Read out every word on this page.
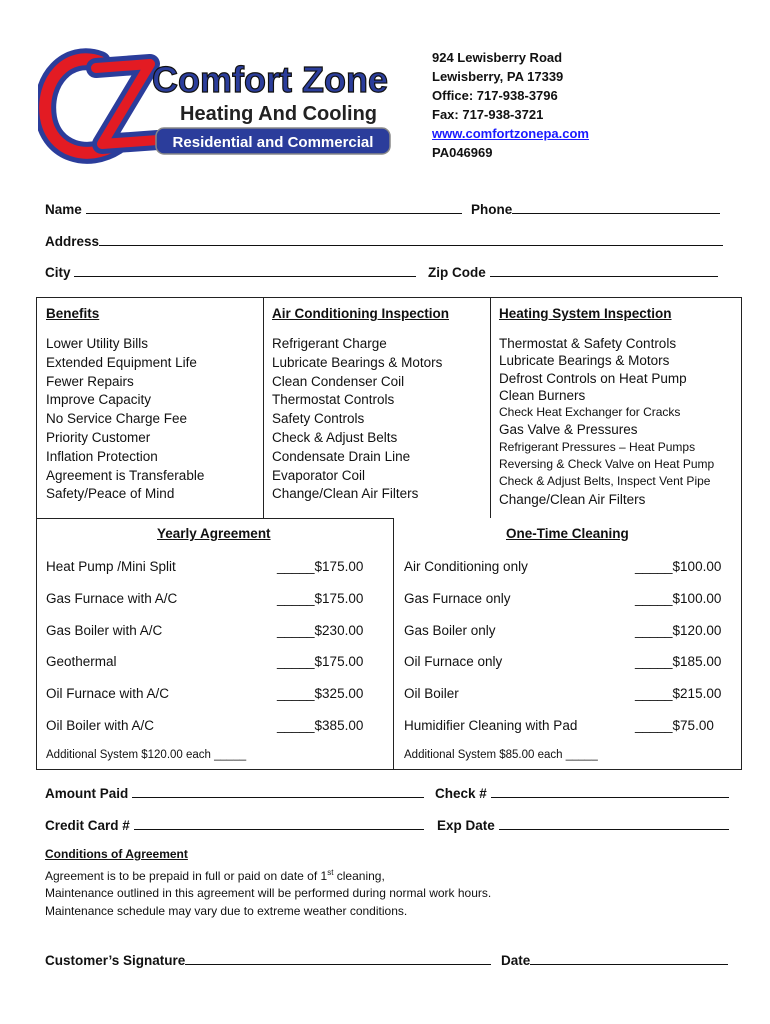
Comfort Zone
Heating And Cooling
Residential and Commercial
924 Lewisberry Road
Lewisberry, PA 17339
Office: 717-938-3796
Fax: 717-938-3721
www.comfortzonepa.com
PA046969
Name	Phone
Address
City	Zip Code
Benefits
Lower Utility Bills
Extended Equipment Life
Fewer Repairs
Improve Capacity
No Service Charge Fee
Priority Customer
Inflation Protection
Agreement is Transferable
Safety/Peace of Mind
Air Conditioning Inspection
Refrigerant Charge
Lubricate Bearings & Motors
Clean Condenser Coil
Thermostat Controls
Safety Controls
Check & Adjust Belts
Condensate Drain Line
Evaporator Coil
Change/Clean Air Filters
Heating System Inspection
Thermostat & Safety Controls
Lubricate Bearings & Motors
Defrost Controls on Heat Pump
Clean Burners
Check Heat Exchanger for Cracks
Gas Valve & Pressures
Refrigerant Pressures – Heat Pumps
Reversing & Check Valve on Heat Pump
Check & Adjust Belts, Inspect Vent Pipe
Change/Clean Air Filters
Yearly Agreement
Heat Pump /Mini Split	_____$175.00
Gas Furnace with A/C	_____$175.00
Gas Boiler with A/C	_____$230.00
Geothermal	_____$175.00
Oil Furnace with A/C	_____$325.00
Oil Boiler with A/C	_____$385.00
Additional System $120.00 each _____
One-Time Cleaning
Air Conditioning only	_____$100.00
Gas Furnace only	_____$100.00
Gas Boiler only	_____$120.00
Oil Furnace only	_____$185.00
Oil Boiler	_____$215.00
Humidifier Cleaning with Pad	_____$75.00
Additional System $85.00 each _____
Amount Paid	Check #
Credit Card #	Exp Date
Conditions of Agreement
Agreement is to be prepaid in full or paid on date of 1st cleaning,
Maintenance outlined in this agreement will be performed during normal work hours.
Maintenance schedule may vary due to extreme weather conditions.
Customer’s Signature	Date
